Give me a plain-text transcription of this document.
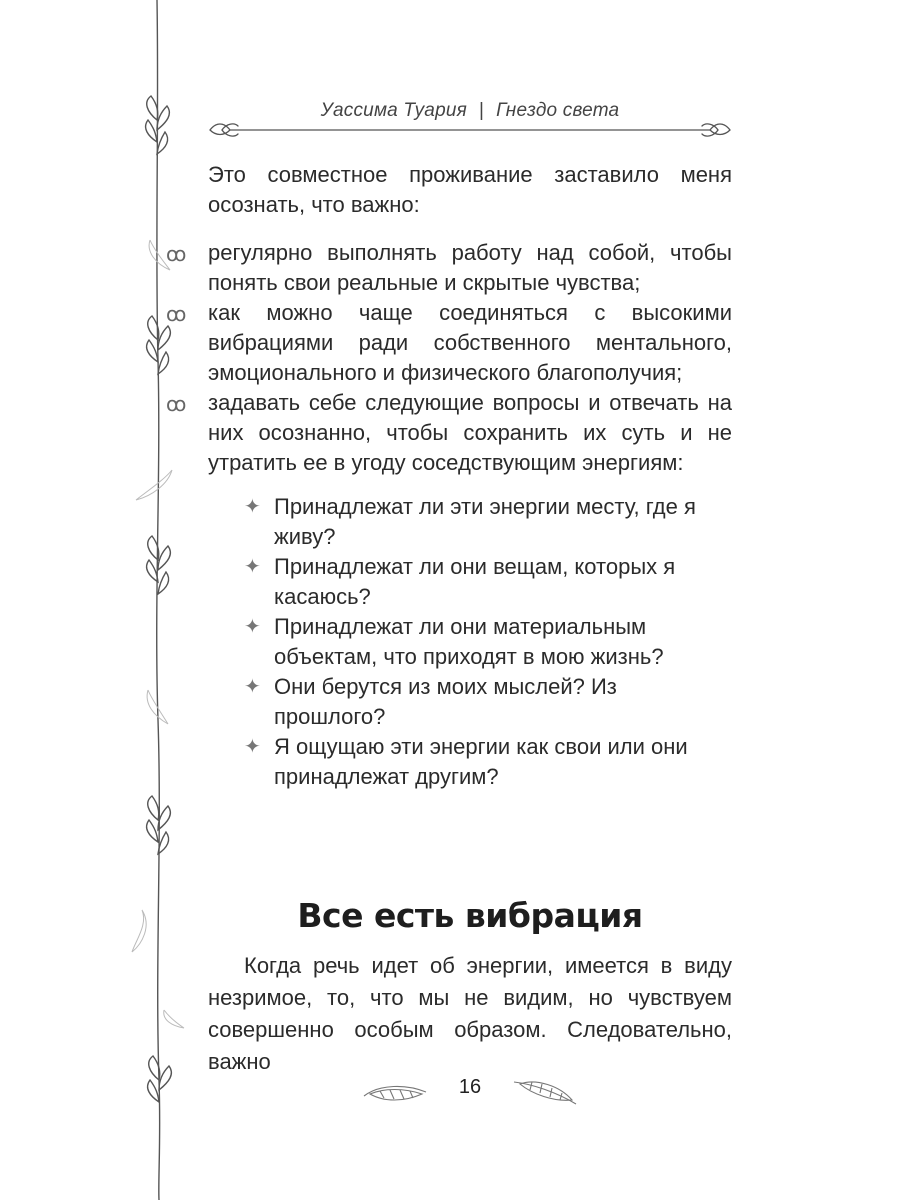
Уассима Туария | Гнездо света

Это совместное проживание заставило меня осознать, что важно:

ꝏ регулярно выполнять работу над собой, чтобы понять свои реальные и скрытые чувства;
ꝏ как можно чаще соединяться с высокими вибрациями ради собственного ментального, эмоционального и физического благополучия;
ꝏ задавать себе следующие вопросы и отвечать на них осознанно, чтобы сохранить их суть и не утратить ее в угоду соседствующим энергиям:
✦ Принадлежат ли эти энергии месту, где я живу?
✦ Принадлежат ли они вещам, которых я касаюсь?
✦ Принадлежат ли они материальным объектам, что приходят в мою жизнь?
✦ Они берутся из моих мыслей? Из прошлого?
✦ Я ощущаю эти энергии как свои или они принадлежат другим?
Все есть вибрация
Когда речь идет об энергии, имеется в виду незримое, то, что мы не видим, но чувствуем совершенно особым образом. Следовательно, важно
16
